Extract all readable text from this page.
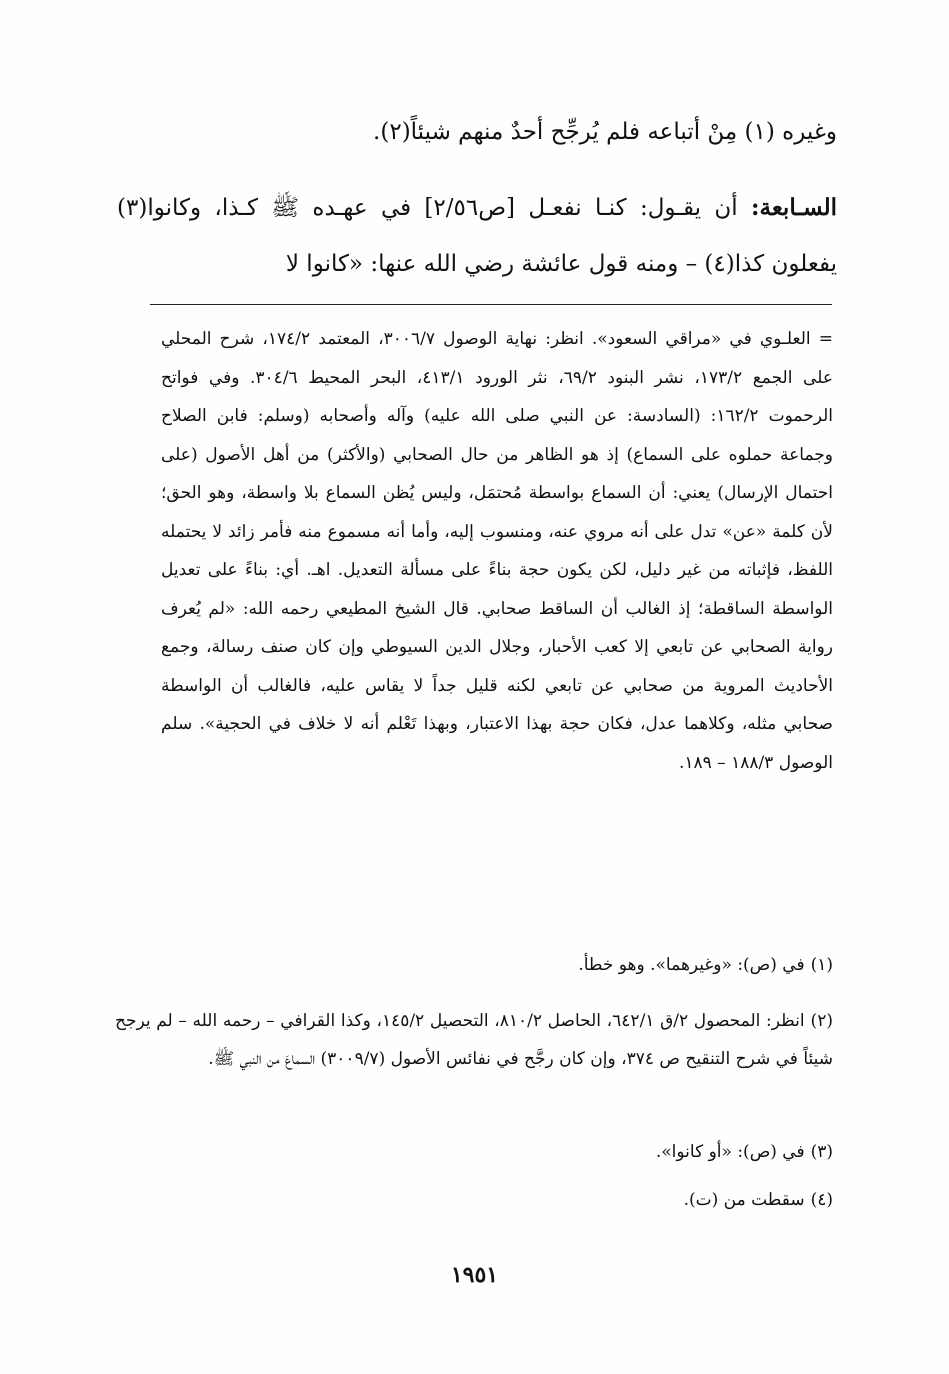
وغيره (١) مِنْ أتباعه فلم يُرجِّح أحدٌ منهم شيئاً(٢).
السـابعة: أن يقـول: كنـا نفعـل [ص٢/٥٦] في عهـده ﷺ كـذا، وكانوا(٣) يفعلون كذا(٤) – ومنه قول عائشة رضي الله عنها: «كانوا لا
= العلـوي في «مراقي السعود». انظر: نهاية الوصول ٣٠٠٦/٧، المعتمد ١٧٤/٢، شرح المحلي على الجمع ١٧٣/٢، نشر البنود ٦٩/٢، نثر الورود ٤١٣/١، البحر المحيط ٣٠٤/٦. وفي فواتح الرحموت ١٦٢/٢: (السادسة: عن النبي صلى الله عليه) وآله وأصحابه (وسلم: فابن الصلاح وجماعة حملوه على السماع) إذ هو الظاهر من حال الصحابي (والأكثر) من أهل الأصول (على احتمال الإرسال) يعني: أن السماع بواسطة مُحتمَل، وليس يُظن السماع بلا واسطة، وهو الحق؛ لأن كلمة «عن» تدل على أنه مروي عنه، ومنسوب إليه، وأما أنه مسموع منه فأمر زائد لا يحتمله اللفظ، فإثباته من غير دليل، لكن يكون حجة بناءً على مسألة التعديل. اهـ. أي: بناءً على تعديل الواسطة الساقطة؛ إذ الغالب أن الساقط صحابي. قال الشيخ المطيعي رحمه الله: «لم يُعرف رواية الصحابي عن تابعي إلا كعب الأحبار، وجلال الدين السيوطي وإن كان صنف رسالة، وجمع الأحاديث المروية من صحابي عن تابعي لكنه قليل جداً لا يقاس عليه، فالغالب أن الواسطة صحابي مثله، وكلاهما عدل، فكان حجة بهذا الاعتبار، وبهذا تَعْلم أنه لا خلاف في الحجية». سلم الوصول ١٨٨/٣ – ١٨٩.
(١)في (ص): «وغيرهما». وهو خطأ.
(٢)انظر: المحصول ٢/ق ٦٤٢/١، الحاصل ٨١٠/٢، التحصيل ١٤٥/٢، وكذا القرافي – رحمه الله – لم يرجح شيئاً في شرح التنقيح ص ٣٧٤، وإن كان رجَّح في نفائس الأصول (٣٠٠٩/٧) السماعَ من النبي ﷺ.
(٣)في (ص): «أو كانوا».
(٤)سقطت من (ت).
١٩٥١
